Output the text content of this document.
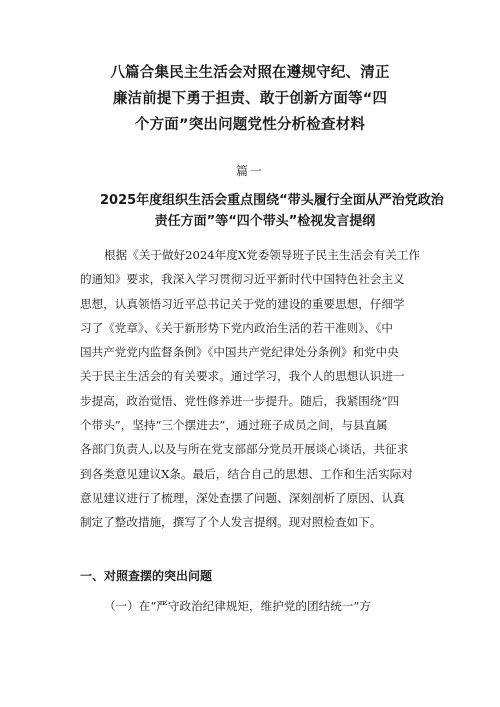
八篇合集民主生活会对照在遵规守纪、清正
廉洁前提下勇于担责、敢于创新方面等“四
个方面”突出问题党性分析检查材料
篇一
2025年度组织生活会重点围绕“带头履行全面从严治党政治
责任方面”等“四个带头”检视发言提纲
根据《关于做好2024年度X党委领导班子民主生活会有关工作
的通知》要求，我深入学习贯彻习近平新时代中国特色社会主义
思想，认真领悟习近平总书记关于党的建设的重要思想，仔细学
习了《党章》、《关于新形势下党内政治生活的若干准则》、《中
国共产党党内监督条例》《中国共产党纪律处分条例》和党中央
关于民主生活会的有关要求。通过学习，我个人的思想认识进一
步提高，政治觉悟、党性修养进一步提升。随后，我紧围绕“四
个带头”，坚持“三个摆进去”，通过班子成员之间，与县直属
各部门负责人,以及与所在党支部部分党员开展谈心谈话，共征求
到各类意见建议X条。最后，结合自己的思想、工作和生活实际对
意见建议进行了梳理，深处查摆了问题、深刻剖析了原因、认真
制定了整改措施，撰写了个人发言提纲。现对照检查如下。
一、对照查摆的突出问题

（一）在“严守政治纪律规矩，维护党的团结统一”方
